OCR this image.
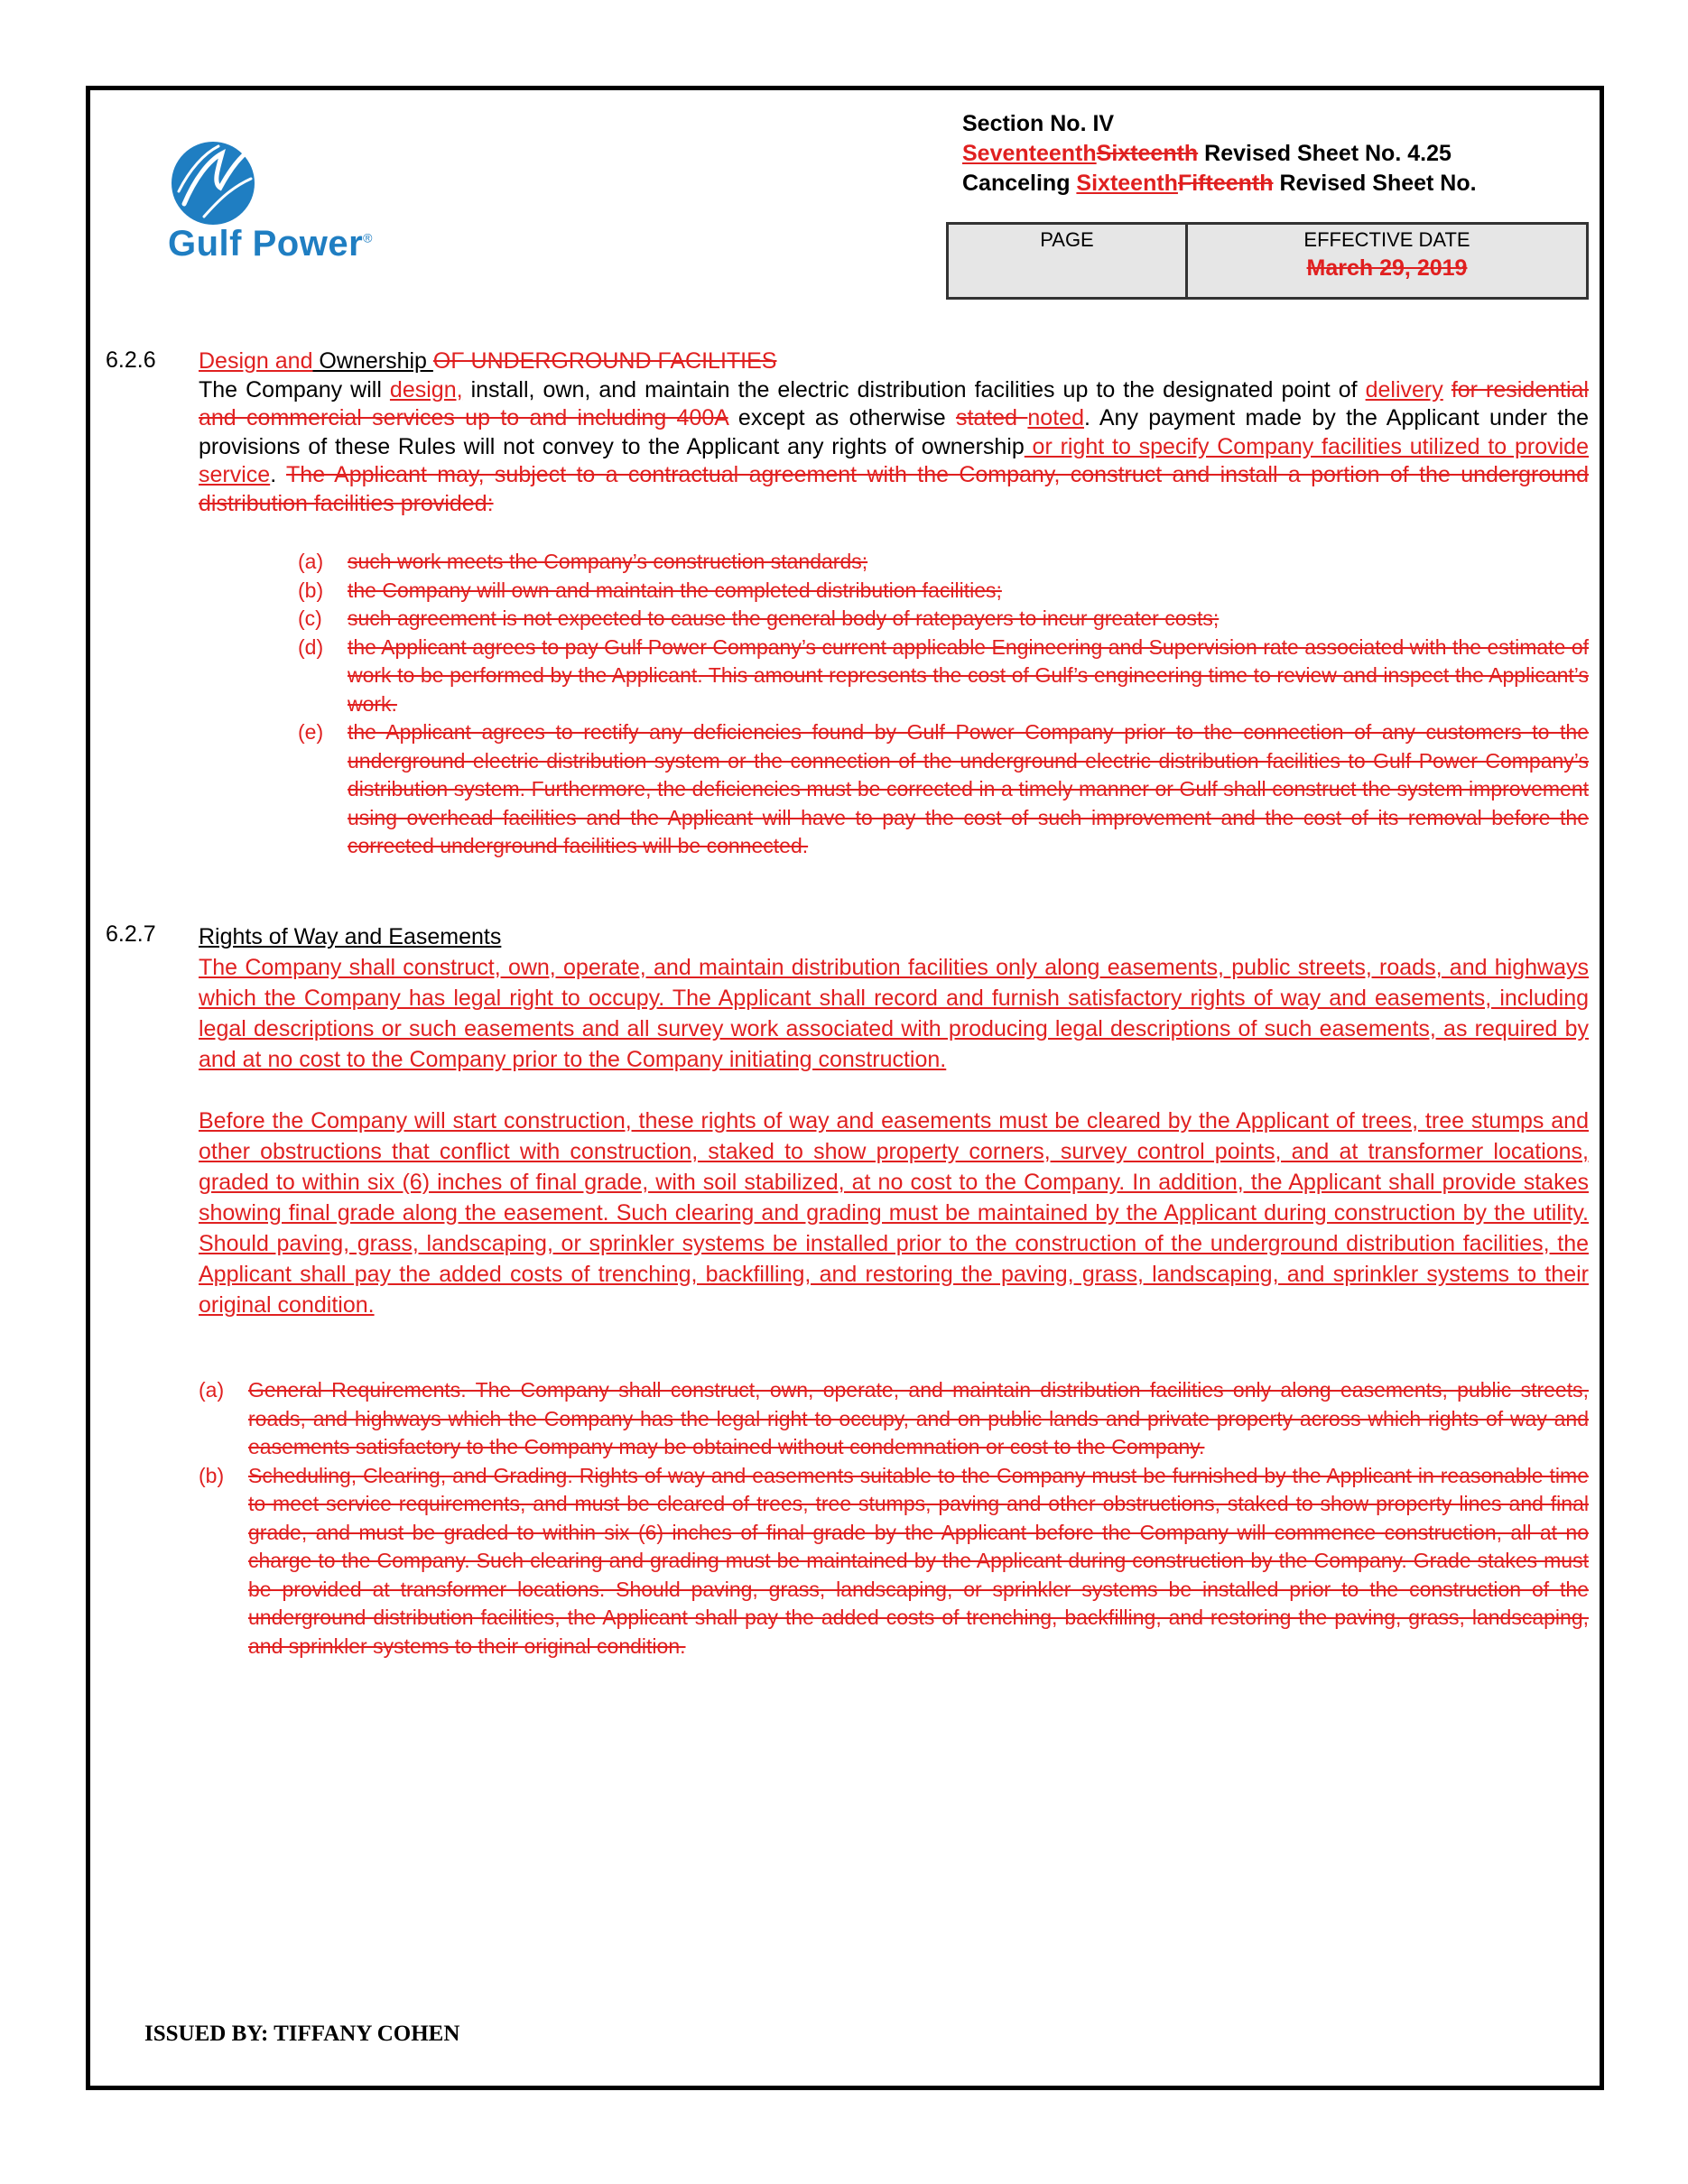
Gulf Power®
Section No. IV
SeventeenthSixteenth Revised Sheet No. 4.25
Canceling SixteenthFifteenth Revised Sheet No.
PAGE	EFFECTIVE DATE
March 29, 2019
6.2.6 Design and Ownership OF UNDERGROUND FACILITIES

The Company will design, install, own, and maintain the electric distribution facilities up to the designated point of delivery for residential and commercial services up to and including 400A except as otherwise stated noted. Any payment made by the Applicant under the provisions of these Rules will not convey to the Applicant any rights of ownership or right to specify Company facilities utilized to provide service. The Applicant may, subject to a contractual agreement with the Company, construct and install a portion of the underground distribution facilities provided:

(a) such work meets the Company’s construction standards;
(b) the Company will own and maintain the completed distribution facilities;
(c) such agreement is not expected to cause the general body of ratepayers to incur greater costs;
(d) the Applicant agrees to pay Gulf Power Company’s current applicable Engineering and Supervision rate associated with the estimate of work to be performed by the Applicant. This amount represents the cost of Gulf’s engineering time to review and inspect the Applicant’s work.
(e) the Applicant agrees to rectify any deficiencies found by Gulf Power Company prior to the connection of any customers to the underground electric distribution system or the connection of the underground electric distribution facilities to Gulf Power Company’s distribution system. Furthermore, the deficiencies must be corrected in a timely manner or Gulf shall construct the system improvement using overhead facilities and the Applicant will have to pay the cost of such improvement and the cost of its removal before the corrected underground facilities will be connected.
6.2.7 Rights of Way and Easements

The Company shall construct, own, operate, and maintain distribution facilities only along easements, public streets, roads, and highways which the Company has legal right to occupy. The Applicant shall record and furnish satisfactory rights of way and easements, including legal descriptions or such easements and all survey work associated with producing legal descriptions of such easements, as required by and at no cost to the Company prior to the Company initiating construction.

Before the Company will start construction, these rights of way and easements must be cleared by the Applicant of trees, tree stumps and other obstructions that conflict with construction, staked to show property corners, survey control points, and at transformer locations, graded to within six (6) inches of final grade, with soil stabilized, at no cost to the Company. In addition, the Applicant shall provide stakes showing final grade along the easement. Such clearing and grading must be maintained by the Applicant during construction by the utility. Should paving, grass, landscaping, or sprinkler systems be installed prior to the construction of the underground distribution facilities, the Applicant shall pay the added costs of trenching, backfilling, and restoring the paving, grass, landscaping, and sprinkler systems to their original condition.

(a) General Requirements. The Company shall construct, own, operate, and maintain distribution facilities only along easements, public streets, roads, and highways which the Company has the legal right to occupy, and on public lands and private property across which rights of way and easements satisfactory to the Company may be obtained without condemnation or cost to the Company.
(b) Scheduling, Clearing, and Grading. Rights of way and easements suitable to the Company must be furnished by the Applicant in reasonable time to meet service requirements, and must be cleared of trees, tree stumps, paving and other obstructions, staked to show property lines and final grade, and must be graded to within six (6) inches of final grade by the Applicant before the Company will commence construction, all at no charge to the Company. Such clearing and grading must be maintained by the Applicant during construction by the Company. Grade stakes must be provided at transformer locations. Should paving, grass, landscaping, or sprinkler systems be installed prior to the construction of the underground distribution facilities, the Applicant shall pay the added costs of trenching, backfilling, and restoring the paving, grass, landscaping, and sprinkler systems to their original condition.
ISSUED BY: TIFFANY COHEN
